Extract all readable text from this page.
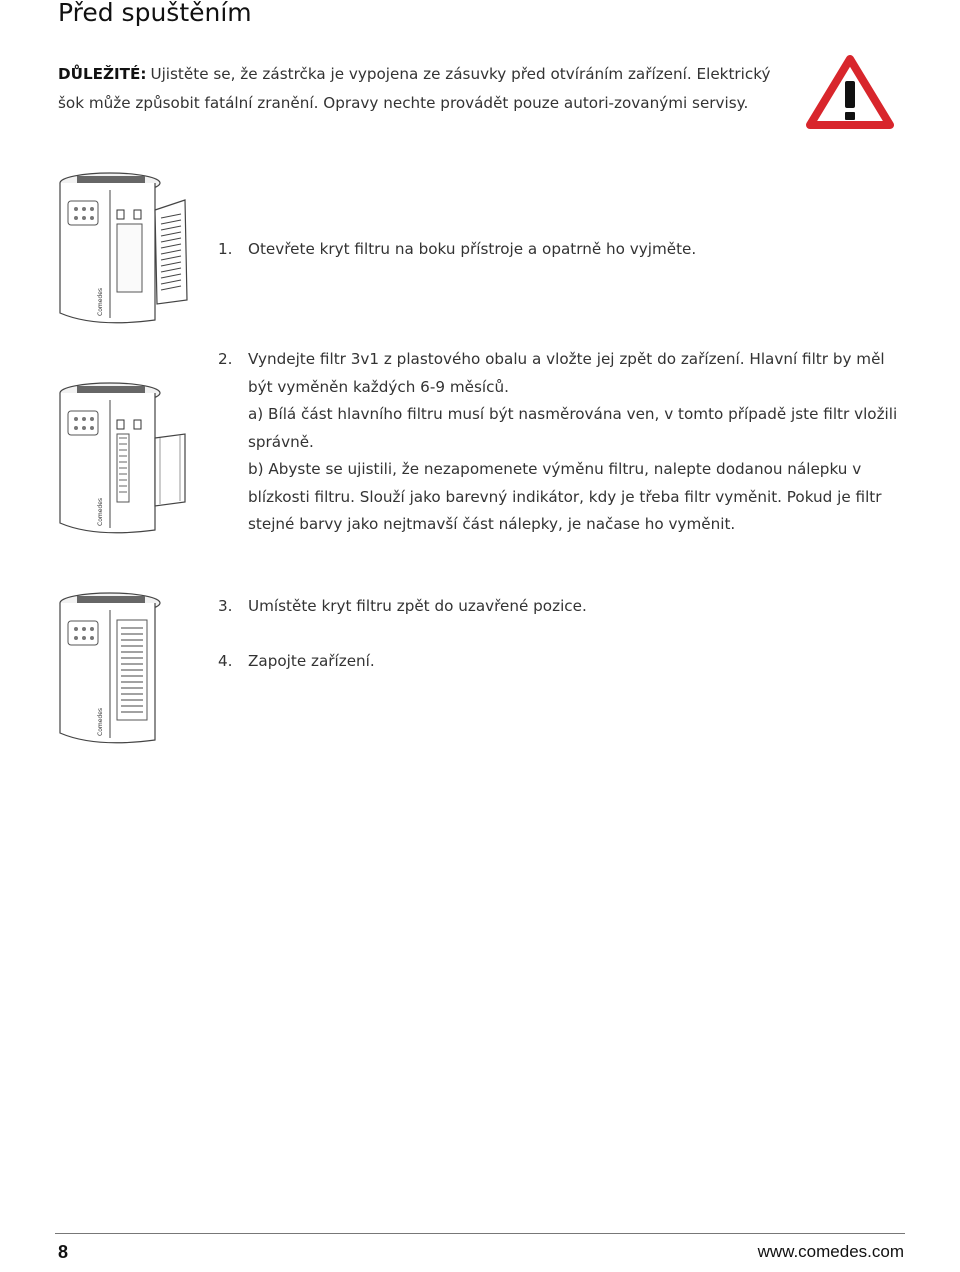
Před spuštěním
DŮLEŽITÉ: Ujistěte se, že zástrčka je vypojena ze zásuvky před otvíráním zařízení. Elektrický šok může způsobit fatální zranění. Opravy nechte provádět pouze autori-zovanými servisy.
Comedes
Comedes
Comedes
1. Otevřete kryt filtru na boku přístroje a opatrně ho vyjměte.

2. Vyndejte filtr 3v1 z plastového obalu a vložte jej zpět do zařízení. Hlavní filtr by měl být vyměněn každých 6-9 měsíců.

a) Bílá část hlavního filtru musí být nasměrována ven, v tomto případě jste filtr vložili správně.

b) Abyste se ujistili, že nezapomenete výměnu filtru, nalepte dodanou nálepku v blízkosti filtru. Slouží jako barevný indikátor, kdy je třeba filtr vyměnit. Pokud je filtr stejné barvy jako nejtmavší část nálepky, je načase ho vyměnit.

3. Umístěte kryt filtru zpět do uzavřené pozice.

4. Zapojte zařízení.

8	www.comedes.com
